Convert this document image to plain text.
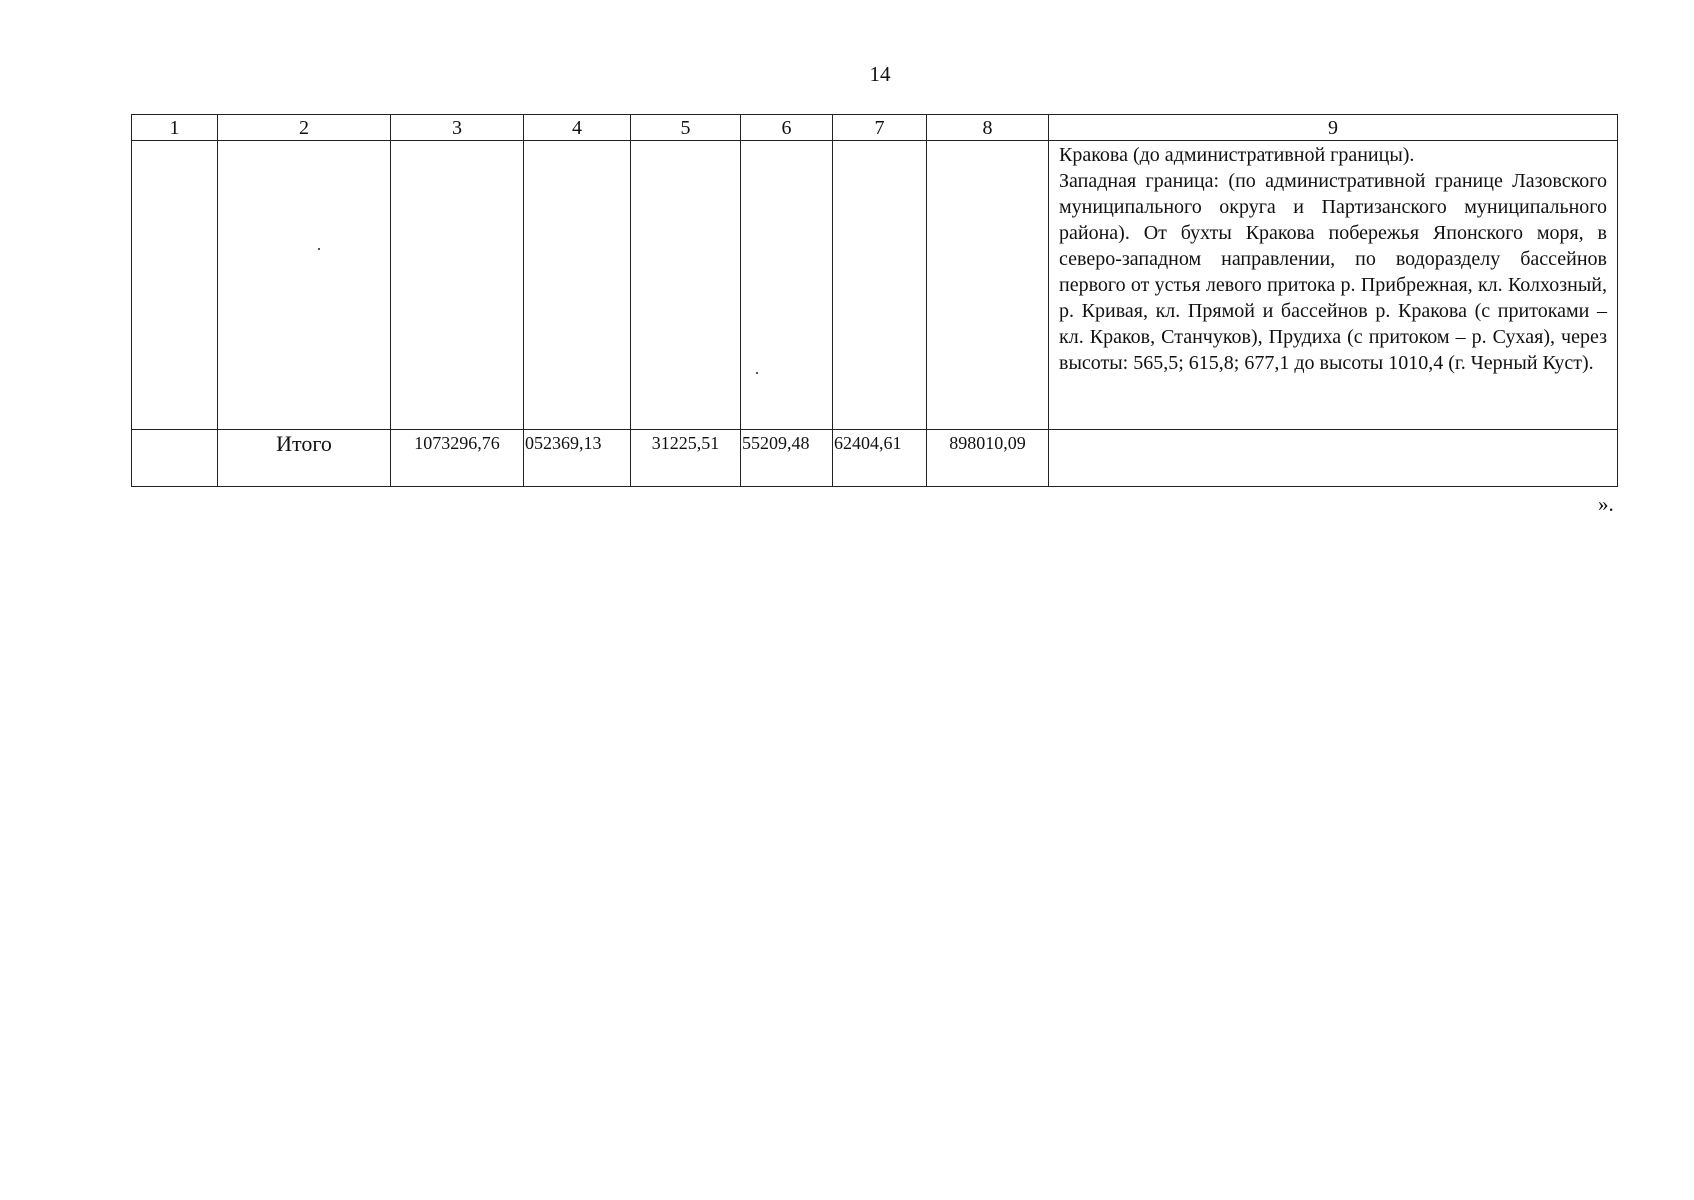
14
1	2	3	4	5	6	7	8	9

								Кракова (до административной границы).

Западная граница: (по административной границе Лазовского муниципального округа и Партизанского муниципального района). От бухты Кракова побережья Японского моря, в северо-западном направлении, по водоразделу бассейнов первого от устья левого притока р. Прибрежная, кл. Колхозный, р. Кривая, кл. Прямой и бассейнов р. Кракова (с притоками – кл. Краков, Станчуков), Прудиха (с притоком – р. Сухая), через высоты: 565,5; 615,8; 677,1 до высоты 1010,4 (г. Черный Куст).

	Итого	1073296,76	052369,13	31225,51	55209,48	62404,61	898010,09	
».
